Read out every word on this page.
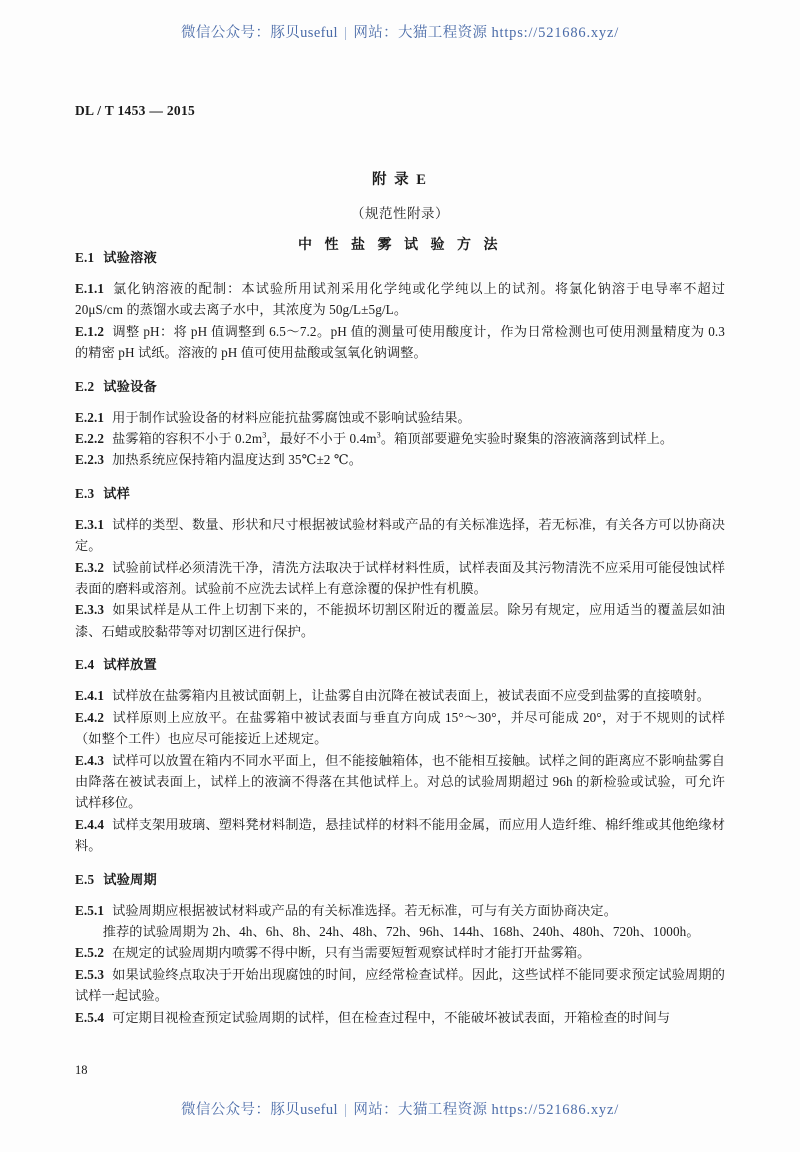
微信公众号：豚贝useful | 网站：大猫工程资源 https://521686.xyz/
DL / T 1453 — 2015
附 录 E
（规范性附录）
中 性 盐 雾 试 验 方 法
E.1 试验溶液

E.1.1 氯化钠溶液的配制：本试验所用试剂采用化学纯或化学纯以上的试剂。将氯化钠溶于电导率不超过 20μS/cm 的蒸馏水或去离子水中，其浓度为 50g/L±5g/L。

E.1.2 调整 pH：将 pH 值调整到 6.5～7.2。pH 值的测量可使用酸度计，作为日常检测也可使用测量精度为 0.3 的精密 pH 试纸。溶液的 pH 值可使用盐酸或氢氧化钠调整。

E.2 试验设备

E.2.1 用于制作试验设备的材料应能抗盐雾腐蚀或不影响试验结果。

E.2.2 盐雾箱的容积不小于 $0.2m^3$，最好不小于 $0.4m^3$。箱顶部要避免实验时聚集的溶液滴落到试样上。

E.2.3 加热系统应保持箱内温度达到 35℃±2 ℃。

E.3 试样

E.3.1 试样的类型、数量、形状和尺寸根据被试验材料或产品的有关标准选择，若无标准，有关各方可以协商决定。

E.3.2 试验前试样必须清洗干净，清洗方法取决于试样材料性质，试样表面及其污物清洗不应采用可能侵蚀试样表面的磨料或溶剂。试验前不应洗去试样上有意涂覆的保护性有机膜。

E.3.3 如果试样是从工件上切割下来的，不能损坏切割区附近的覆盖层。除另有规定，应用适当的覆盖层如油漆、石蜡或胶黏带等对切割区进行保护。

E.4 试样放置

E.4.1 试样放在盐雾箱内且被试面朝上，让盐雾自由沉降在被试表面上，被试表面不应受到盐雾的直接喷射。

E.4.2 试样原则上应放平。在盐雾箱中被试表面与垂直方向成 15°～30°，并尽可能成 20°，对于不规则的试样（如整个工件）也应尽可能接近上述规定。

E.4.3 试样可以放置在箱内不同水平面上，但不能接触箱体，也不能相互接触。试样之间的距离应不影响盐雾自由降落在被试表面上，试样上的液滴不得落在其他试样上。对总的试验周期超过 96h 的新检验或试验，可允许试样移位。

E.4.4 试样支架用玻璃、塑料凳材料制造，悬挂试样的材料不能用金属，而应用人造纤维、棉纤维或其他绝缘材料。

E.5 试验周期

E.5.1 试验周期应根据被试材料或产品的有关标准选择。若无标准，可与有关方面协商决定。

推荐的试验周期为 2h、4h、6h、8h、24h、48h、72h、96h、144h、168h、240h、480h、720h、1000h。

E.5.2 在规定的试验周期内喷雾不得中断，只有当需要短暂观察试样时才能打开盐雾箱。

E.5.3 如果试验终点取决于开始出现腐蚀的时间，应经常检查试样。因此，这些试样不能同要求预定试验周期的试样一起试验。

E.5.4 可定期目视检查预定试验周期的试样，但在检查过程中，不能破坏被试表面，开箱检查的时间与

18
微信公众号：豚贝useful | 网站：大猫工程资源 https://521686.xyz/
